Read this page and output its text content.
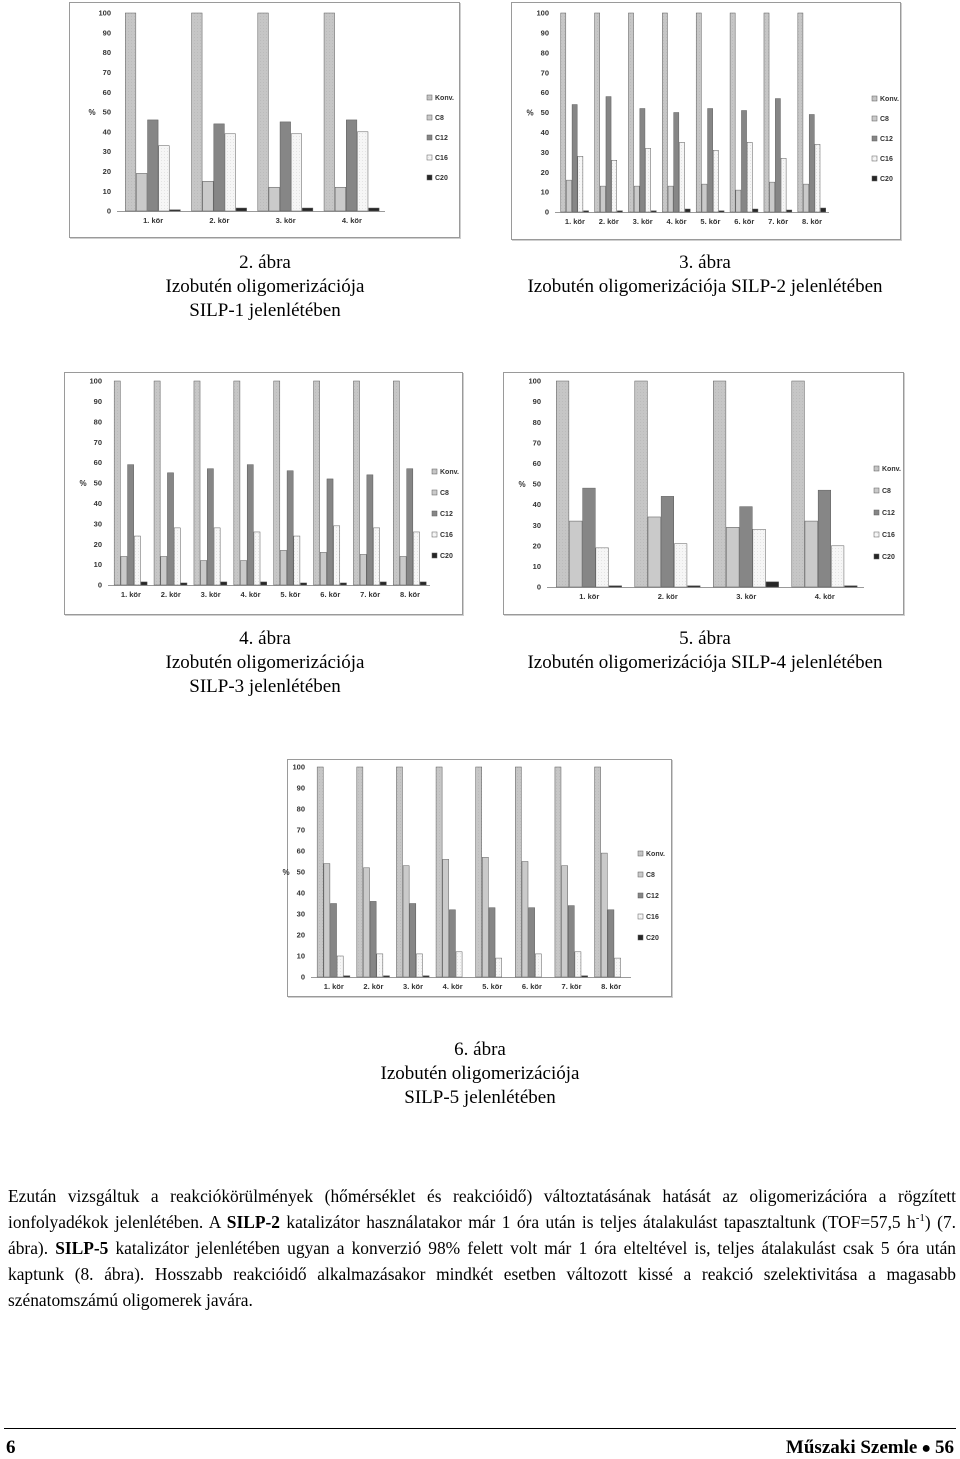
0
10
20
30
40
50
60
70
80
90
100
%
1. kör	2. kör	3. kör	4. kör
Konv.
C8
C12
C16
C20
0
10
20
30
40
50
60
70
80
90
100
%
1. kör 2. kör 3. kör 4. kör 5. kör 6. kör 7. kör 8. kör
Konv.
C8
C12
C16
C20
0
10
20
30
40
50
60
70
80
90
100
%
1. kör	2. kör	3. kör	4. kör	5. kör	6. kör	7. kör	8. kör
Konv.
C8
C12
C16
C20
0
10
20
30
40
50
60
70
80
90
100
%
1. kör	2. kör	3. kör	4. kör
Konv.
C8
C12
C16
C20
0
10
20
30
40
50
60
70
80
90
100
%
1. kör	2. kör	3. kör	4. kör	5. kör	6. kör	7. kör	8. kör
Konv.
C8
C12
C16
C20
2. ábra
Izobutén oligomerizációja
SILP-1 jelenlétében
3. ábra
Izobutén oligomerizációja SILP-2 jelenlétében
4. ábra
Izobutén oligomerizációja
SILP-3 jelenlétében
5. ábra
Izobutén oligomerizációja SILP-4 jelenlétében
6. ábra
Izobutén oligomerizációja
SILP-5 jelenlétében
Ezután vizsgáltuk a reakciókörülmények (hőmérséklet és reakcióidő) változtatásának hatását az oligomerizációra a rögzített ionfolyadékok jelenlétében. A SILP-2 katalizátor használatakor már 1 óra után is teljes átalakulást tapasztaltunk (TOF=57,5 $h^{-1}$) (7. ábra). SILP-5 katalizátor jelenlétében ugyan a konverzió 98% felett volt már 1 óra elteltével is, teljes átalakulást csak 5 óra után kaptunk (8. ábra). Hosszabb reakcióidő alkalmazásakor mindkét esetben változott kissé a reakció szelektivitása a magasabb szénatomszámú oligomerek javára.
6	Műszaki Szemle ● 56
